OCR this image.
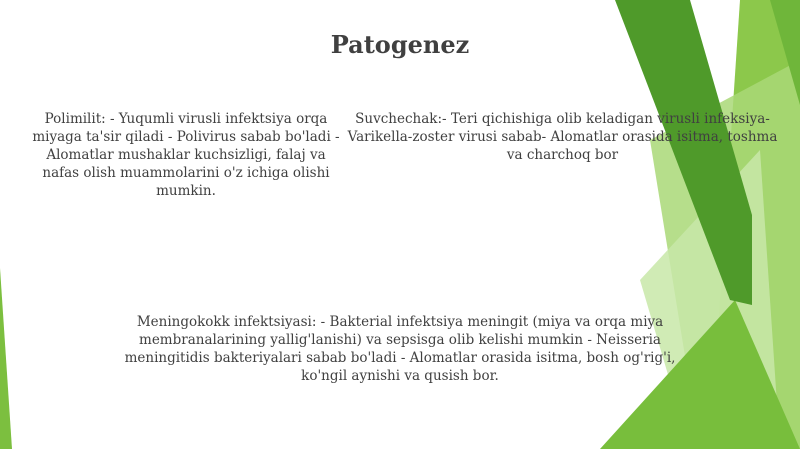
Patogenez
Polimilit: - Yuqumli virusli infektsiya orqa miyaga ta'sir qiladi - Polivirus sabab bo'ladi - Alomatlar mushaklar kuchsizligi, falaj va nafas olish muammolarini o'z ichiga olishi mumkin.
Suvchechak:- Teri qichishiga olib keladigan virusli infeksiya- Varikella-zoster virusi sabab- Alomatlar orasida isitma, toshma va charchoq bor
Meningokokk infektsiyasi: - Bakterial infektsiya meningit (miya va orqa miya membranalarining yallig'lanishi) va sepsisga olib kelishi mumkin - Neisseria meningitidis bakteriyalari sabab bo'ladi - Alomatlar orasida isitma, bosh og'rig'i, ko'ngil aynishi va qusish bor.
